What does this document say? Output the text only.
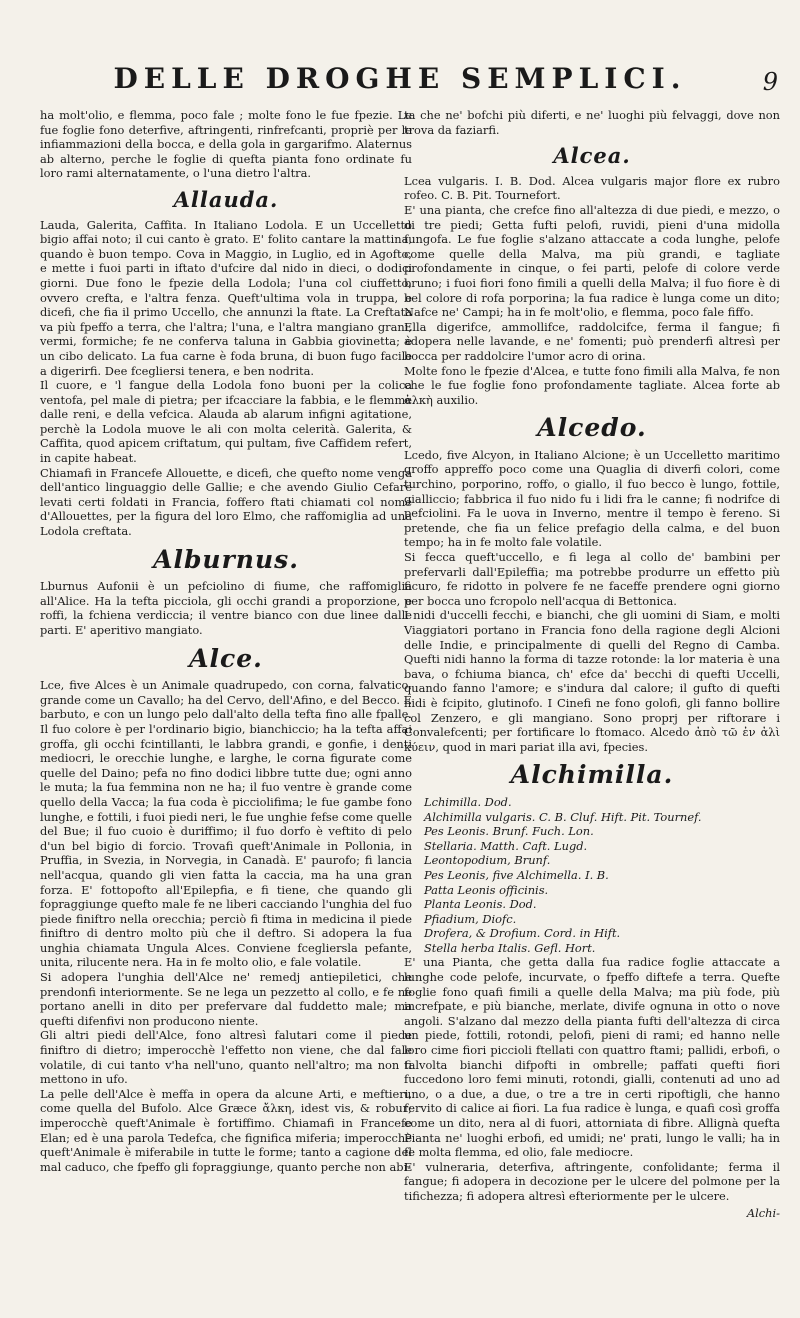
DELLE DROGHE SEMPLICI.	9

ha molt'olio, e flemma, poco fale ; molte fono le fue fpezie. Le fue foglie fono deterfive, aftringenti, rinfrefcanti, propriè per le infiammazioni della bocca, e della gola in gargarifmo. Alaternus ab alterno, perche le foglie di quefta pianta fono ordinate fu loro rami alternatamente, o l'una dietro l'altra.

Allauda.

Lauda, Galerita, Caffita. In Italiano Lodola. E un Uccelletto bigio affai noto; il cui canto è grato. E' folito cantare la mattina, quando è buon tempo. Cova in Maggio, in Luglio, ed in Agofto, e mette i fuoi parti in iftato d'ufcire dal nido in dieci, o dodici giorni. Due fono le fpezie della Lodola; l'una col ciuffetto, ovvero crefta, e l'altra fenza. Queft'ultima vola in truppa, e dicefi, che fia il primo Uccello, che annunzi la ftate. La Creftata va più fpeffo a terra, che l'altra; l'una, e l'altra mangiano grani, vermi, formiche; fe ne conferva taluna in Gabbia giovinetta; è un cibo delicato. La fua carne è foda bruna, di buon fugo facile a digerirfi. Dee fcegliersi tenera, e ben nodrita.

Il cuore, e 'l fangue della Lodola fono buoni per la colica ventofa, pel male di pietra; per ifcacciare la fabbia, e le flemme dalle reni, e della vefcica. Alauda ab alarum infigni agitatione, perchè la Lodola muove le ali con molta celerità. Galerita, & Caffita, quod apicem criftatum, qui pultam, five Caffidem refert, in capite habeat.

Chiamafi in Francefe Allouette, e dicefi, che quefto nome venga dell'antico linguaggio delle Gallie; e che avendo Giulio Cefare levati certi foldati in Francia, foffero ftati chiamati col nome d'Allouettes, per la figura del loro Elmo, che raffomiglia ad una Lodola creftata.

Alburnus.

Lburnus Aufonii è un pefciolino di fiume, che raffomiglia all'Alice. Ha la tefta picciola, gli occhi grandi a proporzione, e roffi, la fchiena verdiccia; il ventre bianco con due linee dalle parti. E' aperitivo mangiato.

Alce.

Lce, five Alces è un Animale quadrupedo, con corna, falvatico, grande come un Cavallo; ha del Cervo, dell'Afino, e del Becco. E barbuto, e con un lungo pelo dall'alto della tefta fino alle fpalle. Il fuo colore è per l'ordinario bigio, bianchiccio; ha la tefta affai groffa, gli occhi fcintillanti, le labbra grandi, e gonfie, i denti mediocri, le orecchie lunghe, e larghe, le corna figurate come quelle del Daino; pefa no fino dodici libbre tutte due; ogni anno le muta; la fua femmina non ne ha; il fuo ventre è grande come quello della Vacca; la fua coda è picciolifima; le fue gambe fono lunghe, e fottili, i fuoi piedi neri, le fue unghie fefse come quelle del Bue; il fuo cuoio è duriffimo; il fuo dorfo è veftito di pelo d'un bel bigio di forcio. Trovafi queft'Animale in Pollonia, in Pruffia, in Svezia, in Norvegia, in Canadà. E' paurofo; fi lancia nell'acqua, quando gli vien fatta la caccia, ma ha una gran forza. E' fottopofto all'Epilepfia, e fi tiene, che quando gli fopraggiunge quefto male fe ne liberi cacciando l'unghia del fuo piede finiftro nella orecchia; perciò fi ftima in medicina il piede finiftro di dentro molto più che il deftro. Si adopera la fua unghia chiamata Ungula Alces. Conviene fcegliersla pefante, unita, rilucente nera. Ha in fe molto olio, e fale volatile.

Si adopera l'unghia dell'Alce ne' remedj antiepiletici, che prendonfi interiormente. Se ne lega un pezzetto al collo, e fe ne portano anelli in dito per prefervare dal fuddetto male; ma quefti difenfivi non producono niente.

Gli altri piedi dell'Alce, fono altresì falutari come il piede finiftro di dietro; imperocchè l'effetto non viene, che dal fale volatile, di cui tanto v'ha nell'uno, quanto nell'altro; ma non fi mettono in ufo.

La pelle dell'Alce è meffa in opera da alcune Arti, e meftieri, come quella del Bufolo. Alce Græce ἄλκη, idest vis, & robur; imperocchè queft'Animale è fortiffimo. Chiamafi in Francefe Elan; ed è una parola Tedefca, che fignifica miferia; imperocchè queft'Animale è miferabile in tutte le forme; tanto a cagione del mal caduco, che fpeffo gli fopraggiunge, quanto perche non abi-

ta che ne' bofchi più diferti, e ne' luoghi più felvaggi, dove non trova da faziarfi.

Alcea.

Lcea vulgaris. I. B. Dod. Alcea vulgaris major flore ex rubro rofeo. C. B. Pit. Tournefort.

E' una pianta, che crefce fino all'altezza di due piedi, e mezzo, o di tre piedi; Getta fufti pelofi, ruvidi, pieni d'una midolla fungofa. Le fue foglie s'alzano attaccate a coda lunghe, pelofe come quelle della Malva, ma più grandi, e tagliate profondamente in cinque, o fei parti, pelofe di colore verde bruno; i fuoi fiori fono fimili a quelli della Malva; il fuo fiore è di bel colore di rofa porporina; la fua radice è lunga come un dito; Nafce ne' Campi; ha in fe molt'olio, e flemma, poco fale fiffo.

Ella digerifce, ammollifce, raddolcifce, ferma il fangue; fi adopera nelle lavande, e ne' fomenti; può prenderfi altresì per bocca per raddolcire l'umor acro di orina.

Molte fono le fpezie d'Alcea, e tutte fono fimili alla Malva, fe non che le fue foglie fono profondamente tagliate. Alcea forte ab ἀλκὴ auxilio.

Alcedo.

Lcedo, five Alcyon, in Italiano Alcione; è un Uccelletto maritimo groffo appreffo poco come una Quaglia di diverfi colori, come turchino, porporino, roffo, o giallo, il fuo becco è lungo, fottile, gialliccio; fabbrica il fuo nido fu i lidi fra le canne; fi nodrifce di pefciolini. Fa le uova in Inverno, mentre il tempo è fereno. Si pretende, che fia un felice prefagio della calma, e del buon tempo; ha in fe molto fale volatile.

Si fecca queft'uccello, e fi lega al collo de' bambini per prefervarli dall'Epileffia; ma potrebbe produrre un effetto più ficuro, fe ridotto in polvere fe ne faceffe prendere ogni giorno per bocca uno fcropolo nell'acqua di Bettonica.

I nidi d'uccelli fecchi, e bianchi, che gli uomini di Siam, e molti Viaggiatori portano in Francia fono della ragione degli Alcioni delle Indie, e principalmente di quelli del Regno di Camba. Quefti nidi hanno la forma di tazze rotonde: la lor materia è una bava, o fchiuma bianca, ch' efce da' becchi di quefti Uccelli, quando fanno l'amore; e s'indura dal calore; il gufto di quefti nidi è fcipito, glutinofo. I Cinefi ne fono golofi, gli fanno bollire col Zenzero, e gli mangiano. Sono proprj per riftorare i Convalefcenti; per fortificare lo ftomaco. Alcedo ἀπὸ τῶ ἐν ἀλὶ κύειν, quod in mari pariat illa avi, fpecies.

Alchimilla.
Lchimilla. Dod.
Alchimilla vulgaris. C. B. Cluf. Hift. Pit. Tournef.
Pes Leonis. Brunf. Fuch. Lon.
Stellaria. Matth. Caft. Lugd.
Leontopodium, Brunf.
Pes Leonis, five Alchimella. I. B.
Patta Leonis officinis.
Planta Leonis. Dod.
Pfiadium, Diofc.
Drofera, & Drofium. Cord. in Hift.
Stella herba Italis. Gefl. Hort.

E' una Pianta, che getta dalla fua radice foglie attaccate a lunghe code pelofe, incurvate, o fpeffo diftefe a terra. Quefte foglie fono quafi fimili a quelle della Malva; ma più fode, più increfpate, e più bianche, merlate, divife ognuna in otto o nove angoli. S'alzano dal mezzo della pianta fufti dell'altezza di circa un piede, fottili, rotondi, pelofi, pieni di rami; ed hanno nelle loro cime fiori piccioli ftellati con quattro ftami; pallidi, erbofi, o talvolta bianchi difpofti in ombrelle; paffati quefti fiori fuccedono loro femi minuti, rotondi, gialli, contenuti ad uno ad uno, o a due, a due, o tre a tre in certi ripoftigli, che hanno fervito di calice ai fiori. La fua radice è lunga, e quafi così groffa come un dito, nera al di fuori, attorniata di fibre. Allignà quefta Pianta ne' luoghi erbofi, ed umidi; ne' prati, lungo le valli; ha in fe molta flemma, ed olio, fale mediocre.

E' vulneraria, deterfiva, aftringente, confolidante; ferma il fangue; fi adopera in decozione per le ulcere del polmone per la tifichezza; fi adopera altresì efteriormente per le ulcere.

Alchi-
